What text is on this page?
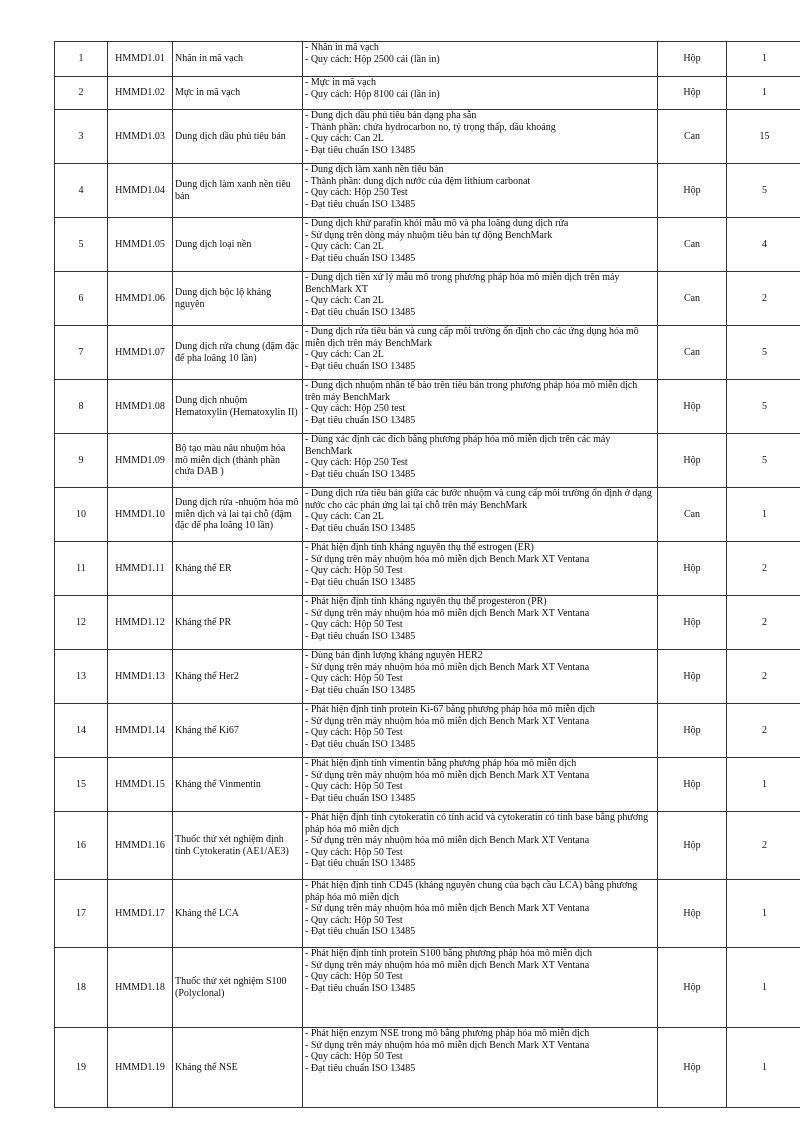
1	HMMD1.01	Nhãn in mã vạch	- Nhãn in mã vạch
- Quy cách: Hộp 2500 cái (lần in)	Hộp	1
2	HMMD1.02	Mực in mã vạch	- Mực in mã vạch
- Quy cách: Hộp 8100 cái (lần in)	Hộp	1
3	HMMD1.03	Dung dịch dầu phủ tiêu bản	- Dung dịch dầu phủ tiêu bản dạng pha sẵn
- Thành phần: chứa hydrocarbon no, tỷ trọng thấp, dầu khoáng
- Quy cách: Can 2L
- Đạt tiêu chuẩn ISO 13485	Can	15
4	HMMD1.04	Dung dịch làm xanh nền tiêu bản	- Dung dịch làm xanh nền tiêu bản
- Thành phần: dung dịch nước của đệm lithium carbonat
- Quy cách: Hộp 250 Test
- Đạt tiêu chuẩn ISO 13485	Hộp	5
5	HMMD1.05	Dung dịch loại nền	- Dung dịch khử parafin khỏi mẫu mô và pha loãng dung dịch rửa
- Sử dụng trên dòng máy nhuộm tiêu bản tự động BenchMark
- Quy cách: Can 2L
- Đạt tiêu chuẩn ISO 13485	Can	4
6	HMMD1.06	Dung dịch bộc lộ kháng nguyên	- Dung dịch tiền xử lý mẫu mô trong phương pháp hóa mô miễn dịch trên máy BenchMark XT
- Quy cách: Can 2L
- Đạt tiêu chuẩn ISO 13485	Can	2
7	HMMD1.07	Dung dịch rửa chung (đậm đặc để pha loãng 10 lần)	- Dung dịch rửa tiêu bản và cung cấp môi trường ổn định cho các ứng dụng hóa mô miễn dịch trên máy BenchMark
- Quy cách: Can 2L
- Đạt tiêu chuẩn ISO 13485	Can	5
8	HMMD1.08	Dung dịch nhuộm Hematoxylin (Hematoxylin II)	- Dung dịch nhuộm nhân tế bào trên tiêu bản trong phương pháp hóa mô miễn dịch trên máy BenchMark
- Quy cách: Hộp 250 test
- Đạt tiêu chuẩn ISO 13485	Hộp	5
9	HMMD1.09	Bộ tạo màu nâu nhuộm hóa mô miễn dịch (thành phần chứa DAB )	- Dùng xác định các đích bằng phương pháp hóa mô miễn dịch trên các máy BenchMark
- Quy cách: Hộp 250 Test
- Đạt tiêu chuẩn ISO 13485	Hộp	5
10	HMMD1.10	Dung dịch rửa -nhuộm hóa mô miễn dịch và lai tại chỗ (đậm đặc để pha loãng 10 lần)	- Dung dịch rửa tiêu bản giữa các bước nhuộm và cung cấp môi trường ổn định ở dạng nước cho các phản ứng lai tại chỗ trên máy BenchMark
- Quy cách: Can 2L
- Đạt tiêu chuẩn ISO 13485	Can	1
11	HMMD1.11	Kháng thể ER	- Phát hiện định tính kháng nguyên thụ thể estrogen (ER)
- Sử dụng trên máy nhuộm hóa mô miễn dịch Bench Mark XT Ventana
- Quy cách: Hộp 50 Test
- Đạt tiêu chuẩn ISO 13485	Hộp	2
12	HMMD1.12	Kháng thể PR	- Phát hiện định tính kháng nguyên thụ thể progesteron (PR)
- Sử dụng trên máy nhuộm hóa mô miễn dịch Bench Mark XT Ventana
- Quy cách: Hộp 50 Test
- Đạt tiêu chuẩn ISO 13485	Hộp	2
13	HMMD1.13	Kháng thể Her2	- Dùng bán định lượng kháng nguyên HER2
- Sử dụng trên máy nhuộm hóa mô miễn dịch Bench Mark XT Ventana
- Quy cách: Hộp 50 Test
- Đạt tiêu chuẩn ISO 13485	Hộp	2
14	HMMD1.14	Kháng thể Ki67	- Phát hiện định tính protein Ki-67 bằng phương pháp hóa mô miễn dịch
- Sử dụng trên máy nhuộm hóa mô miễn dịch Bench Mark XT Ventana
- Quy cách: Hộp 50 Test
- Đạt tiêu chuẩn ISO 13485	Hộp	2
15	HMMD1.15	Kháng thể Vinmentin	- Phát hiện định tính vimentin bằng phương pháp hóa mô miễn dịch
- Sử dụng trên máy nhuộm hóa mô miễn dịch Bench Mark XT Ventana
- Quy cách: Hộp 50 Test
- Đạt tiêu chuẩn ISO 13485	Hộp	1
16	HMMD1.16	Thuốc thử xét nghiệm định tính Cytokeratin (AE1/AE3)	- Phát hiện định tính cytokeratin có tính acid và cytokeratin có tính base bằng phương pháp hóa mô miễn dịch
- Sử dụng trên máy nhuộm hóa mô miễn dịch Bench Mark XT Ventana
- Quy cách: Hộp 50 Test
- Đạt tiêu chuẩn ISO 13485	Hộp	2
17	HMMD1.17	Kháng thể LCA	- Phát hiện định tính CD45 (kháng nguyên chung của bạch cầu LCA) bằng phương pháp hóa mô miễn dịch
- Sử dụng trên máy nhuộm hóa mô miễn dịch Bench Mark XT Ventana
- Quy cách: Hộp 50 Test
- Đạt tiêu chuẩn ISO 13485	Hộp	1
18	HMMD1.18	Thuốc thử xét nghiệm S100 (Polyclonal)	- Phát hiện định tính protein S100 bằng phương pháp hóa mô miễn dịch
- Sử dụng trên máy nhuộm hóa mô miễn dịch Bench Mark XT Ventana
- Quy cách: Hộp 50 Test
- Đạt tiêu chuẩn ISO 13485	Hộp	1
19	HMMD1.19	Kháng thể NSE	- Phát hiện enzym NSE trong mô bằng phương pháp hóa mô miễn dịch
- Sử dụng trên máy nhuộm hóa mô miễn dịch Bench Mark XT Ventana
- Quy cách: Hộp 50 Test
- Đạt tiêu chuẩn ISO 13485	Hộp	1
